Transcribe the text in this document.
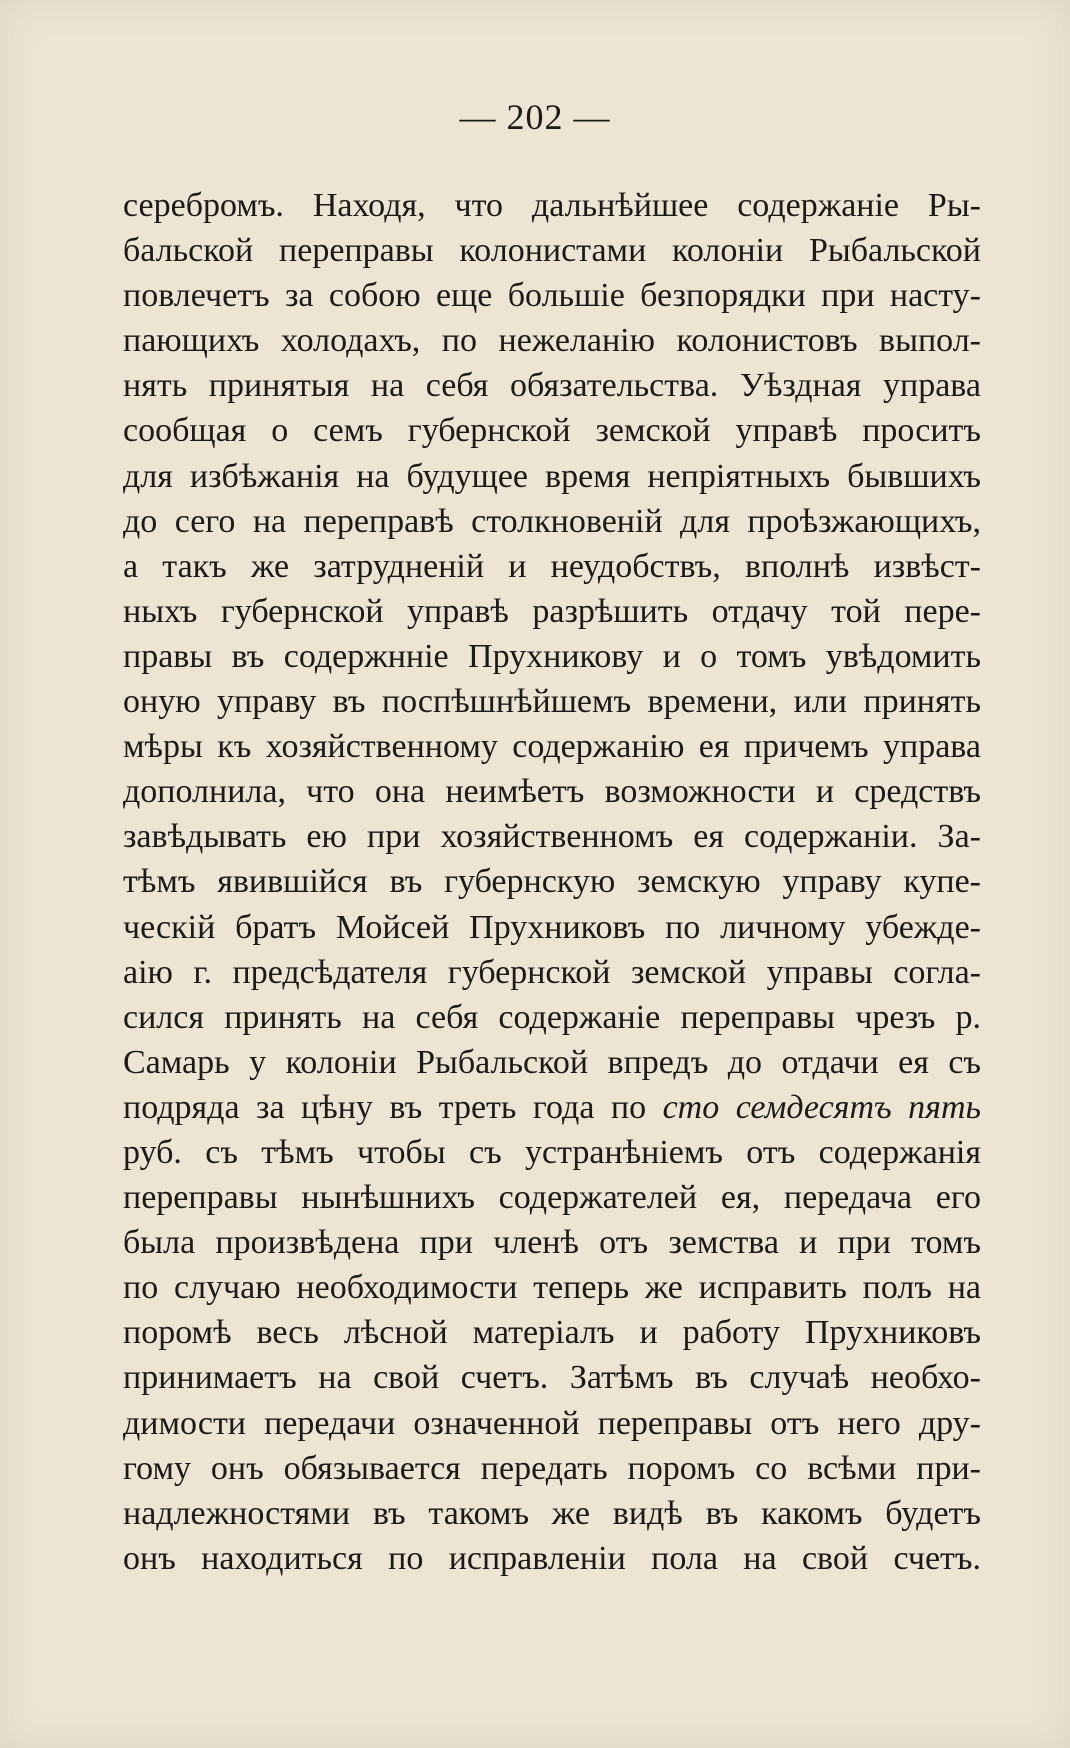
— 202 —
серебромъ. Находя, что дальнѣйшее содержаніе Ры-
бальской переправы колонистами колоніи Рыбальской
повлечетъ за собою еще большіе безпорядки при насту-
пающихъ холодахъ, по нежеланію колонистовъ выпол-
нять принятыя на себя обязательства. Уѣздная управа
сообщая о семъ губернской земской управѣ проситъ
для избѣжанія на будущее время непріятныхъ бывшихъ
до сего на переправѣ столкновеній для проѣзжающихъ,
а такъ же затрудненій и неудобствъ, вполнѣ извѣст-
ныхъ губернской управѣ разрѣшить отдачу той пере-
правы въ содержнніе Прухникову и о томъ увѣдомить
оную управу въ поспѣшнѣйшемъ времени, или принять
мѣры къ хозяйственному содержанію ея причемъ управа
дополнила, что она неимѣетъ возможности и средствъ
завѣдывать ею при хозяйственномъ ея содержаніи. За-
тѣмъ явившійся въ губернскую земскую управу купе-
ческій братъ Мойсей Прухниковъ по личному убежде-
аію г. предсѣдателя губернской земской управы согла-
сился принять на себя содержаніе переправы чрезъ р.
Самарь у колоніи Рыбальской впредъ до отдачи ея съ
подряда за цѣну въ треть года по сто семдесятъ пять
руб. съ тѣмъ чтобы съ устранѣніемъ отъ содержанія
переправы нынѣшнихъ содержателей ея, передача его
была произвѣдена при членѣ отъ земства и при томъ
по случаю необходимости теперь же исправить полъ на
поромѣ весь лѣсной матеріалъ и работу Прухниковъ
принимаетъ на свой счетъ. Затѣмъ въ случаѣ необхо-
димости передачи означенной переправы отъ него дру-
гому онъ обязывается передать поромъ со всѣми при-
надлежностями въ такомъ же видѣ въ какомъ будетъ
онъ находиться по исправленіи пола на свой счетъ.
